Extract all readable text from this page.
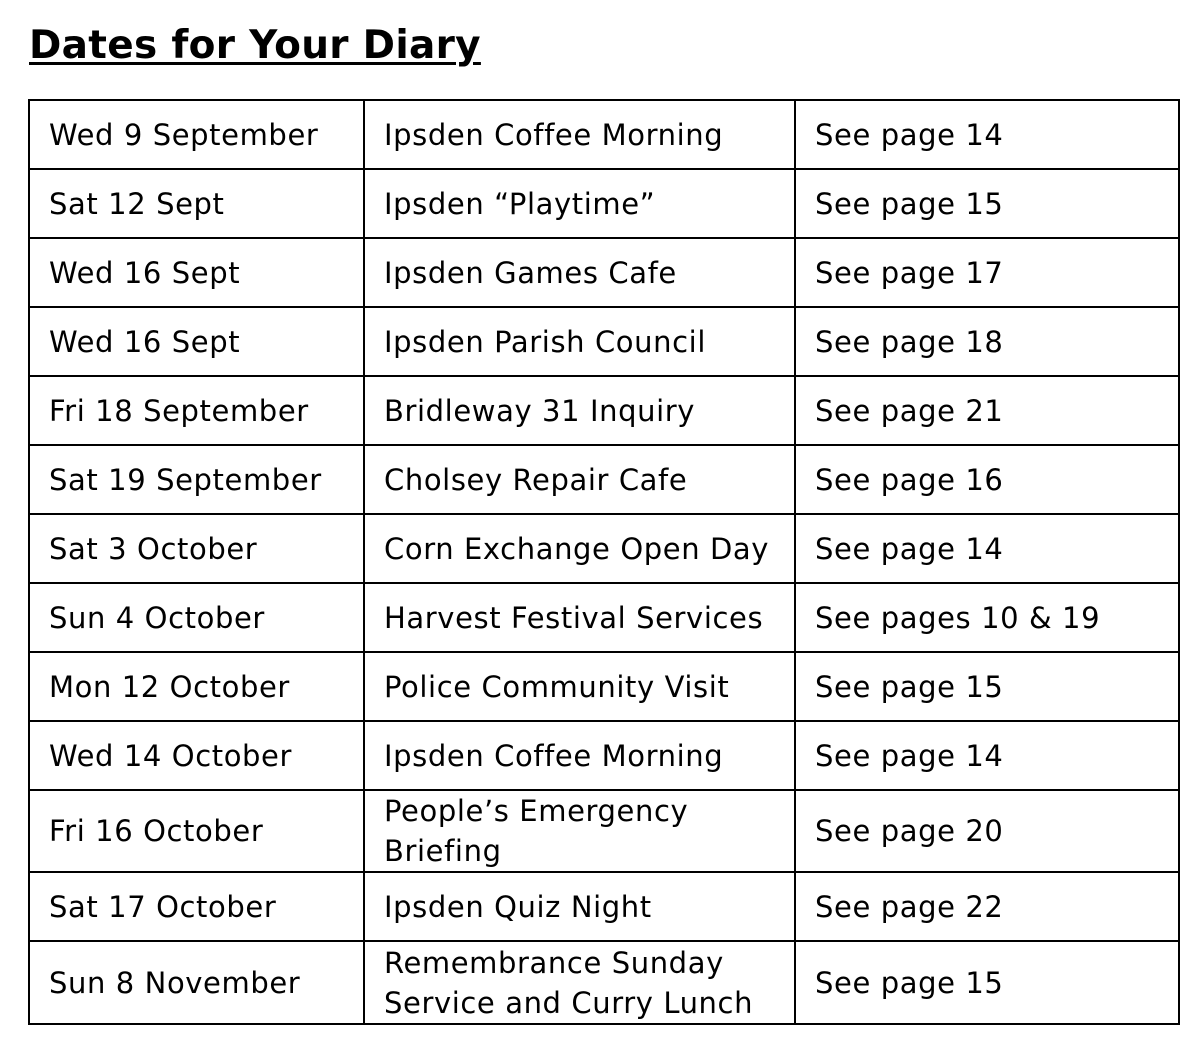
Dates for Your Diary
Wed 9 September	Ipsden Coffee Morning	See page 14
Sat 12 Sept	Ipsden “Playtime”	See page 15
Wed 16 Sept	Ipsden Games Cafe	See page 17
Wed 16 Sept	Ipsden Parish Council	See page 18
Fri 18 September	Bridleway 31 Inquiry	See page 21
Sat 19 September	Cholsey Repair Cafe	See page 16
Sat 3 October	Corn Exchange Open Day	See page 14
Sun 4 October	Harvest Festival Services	See pages 10 & 19
Mon 12 October	Police Community Visit	See page 15
Wed 14 October	Ipsden Coffee Morning	See page 14
Fri 16 October	People’s Emergency Briefing	See page 20
Sat 17 October	Ipsden Quiz Night	See page 22
Sun 8 November	Remembrance Sunday Service and Curry Lunch	See page 15
